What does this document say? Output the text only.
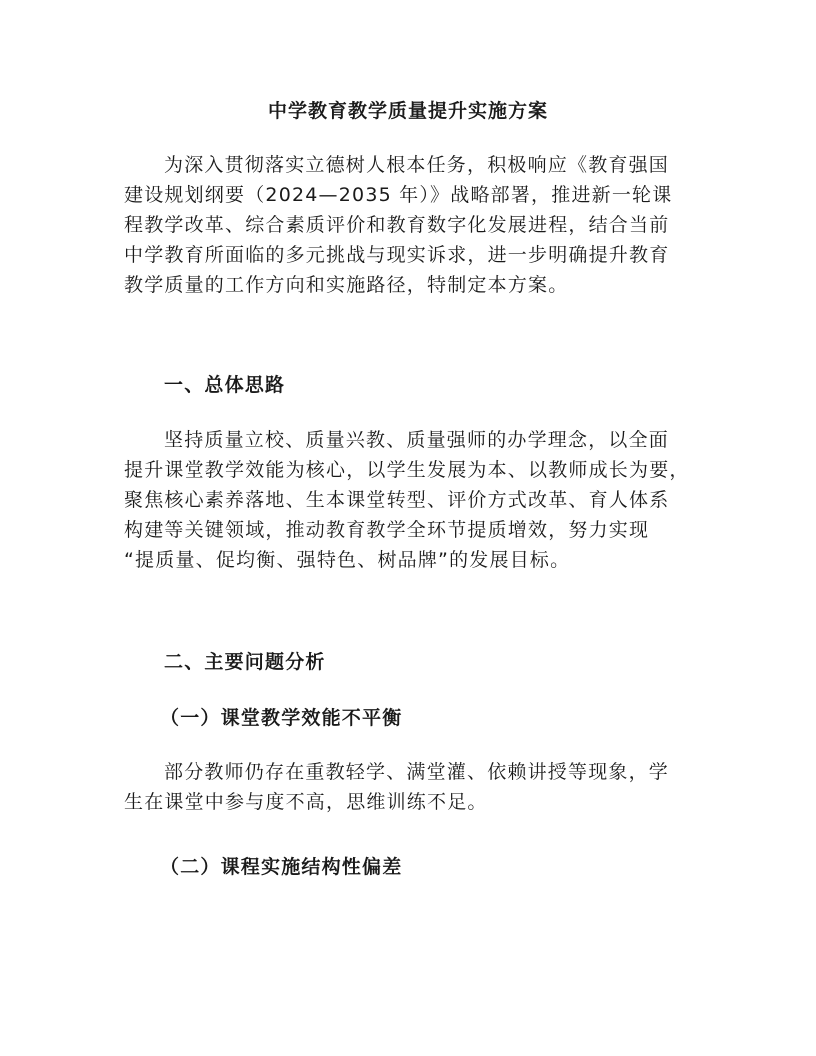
中学教育教学质量提升实施方案
为深入贯彻落实立德树人根本任务，积极响应《教育强国
建设规划纲要（2024—2035 年）》战略部署，推进新一轮课
程教学改革、综合素质评价和教育数字化发展进程，结合当前
中学教育所面临的多元挑战与现实诉求，进一步明确提升教育
教学质量的工作方向和实施路径，特制定本方案。
一、总体思路
坚持质量立校、质量兴教、质量强师的办学理念，以全面
提升课堂教学效能为核心，以学生发展为本、以教师成长为要，
聚焦核心素养落地、生本课堂转型、评价方式改革、育人体系
构建等关键领域，推动教育教学全环节提质增效，努力实现
“提质量、促均衡、强特色、树品牌”的发展目标。
二、主要问题分析
（一）课堂教学效能不平衡
部分教师仍存在重教轻学、满堂灌、依赖讲授等现象，学
生在课堂中参与度不高，思维训练不足。
（二）课程实施结构性偏差
